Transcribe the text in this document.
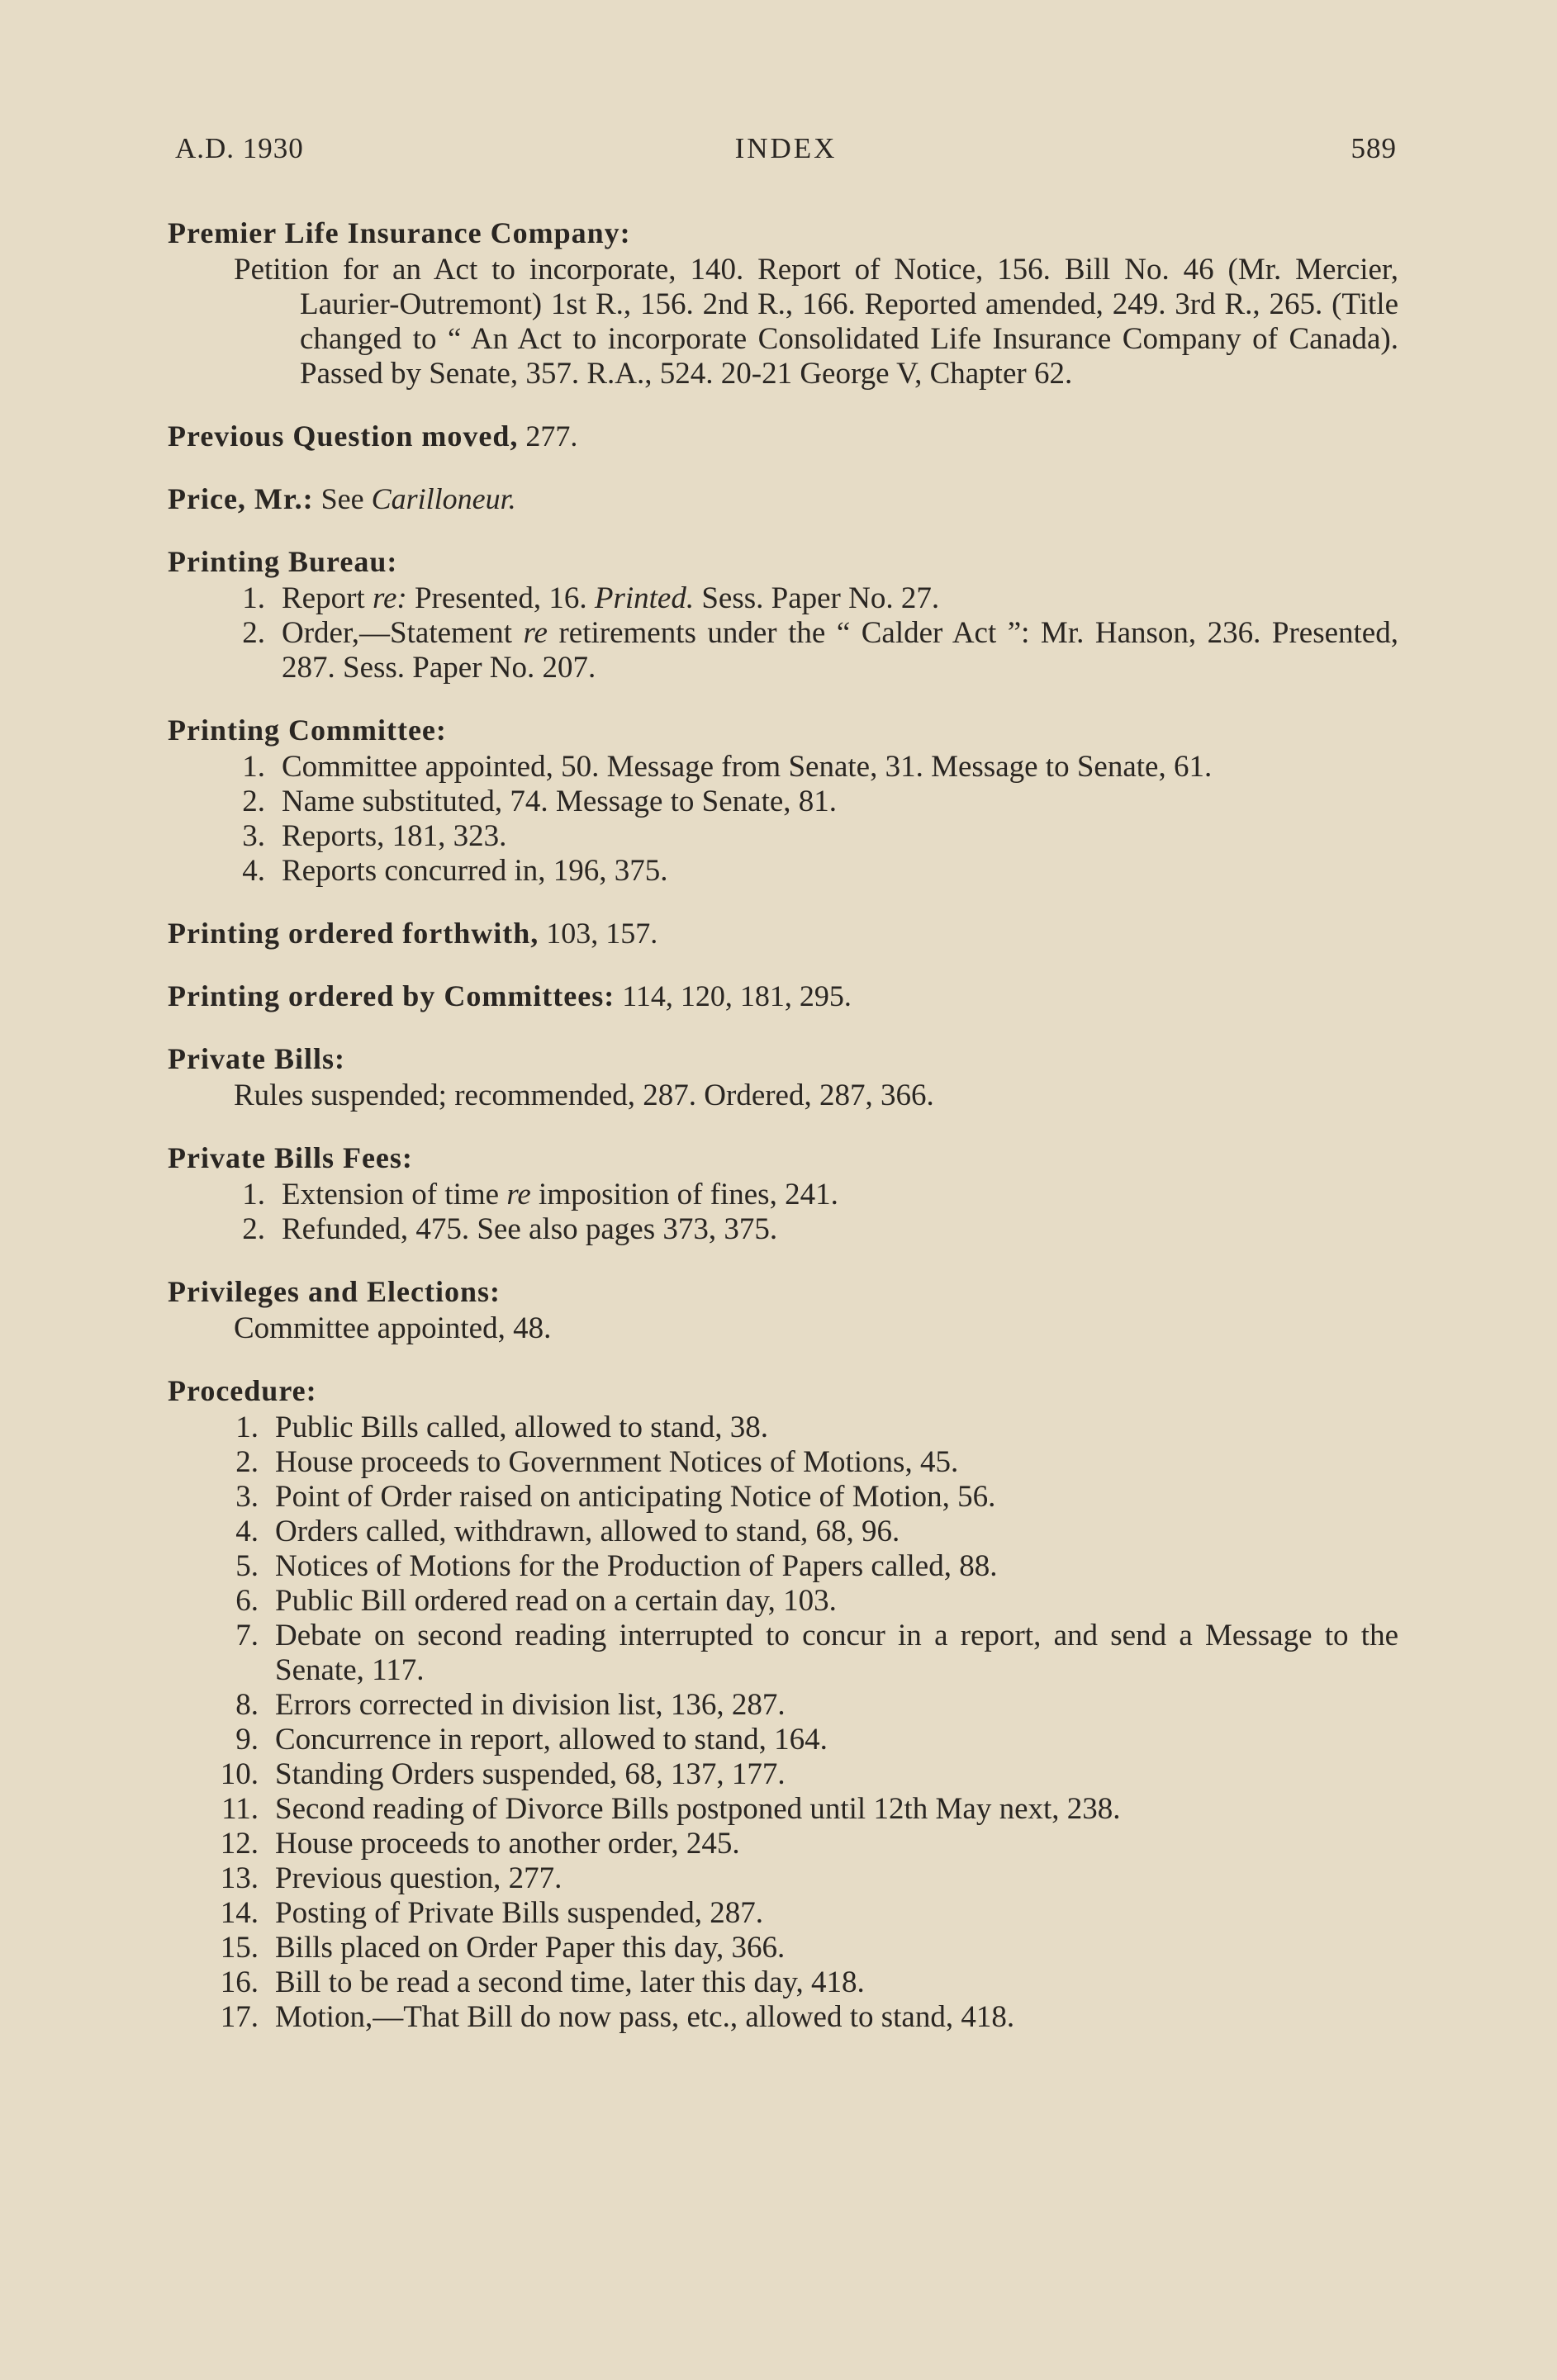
A.D. 1930	INDEX	589
Premier Life Insurance Company:
Petition for an Act to incorporate, 140. Report of Notice, 156. Bill No. 46 (Mr. Mercier, Laurier-Outremont) 1st R., 156. 2nd R., 166. Reported amended, 249. 3rd R., 265. (Title changed to “ An Act to incorporate Consolidated Life Insurance Company of Canada). Passed by Senate, 357. R.A., 524. 20-21 George V, Chapter 62.
Previous Question moved, 277.
Price, Mr.: See Carilloneur.
Printing Bureau:
1. Report re: Presented, 16. Printed. Sess. Paper No. 27.
2. Order,—Statement re retirements under the “ Calder Act ”: Mr. Hanson, 236. Presented, 287. Sess. Paper No. 207.
Printing Committee:
1. Committee appointed, 50. Message from Senate, 31. Message to Senate, 61.
2. Name substituted, 74. Message to Senate, 81.
3. Reports, 181, 323.
4. Reports concurred in, 196, 375.
Printing ordered forthwith, 103, 157.
Printing ordered by Committees: 114, 120, 181, 295.
Private Bills:
Rules suspended; recommended, 287. Ordered, 287, 366.
Private Bills Fees:
1. Extension of time re imposition of fines, 241.
2. Refunded, 475. See also pages 373, 375.
Privileges and Elections:
Committee appointed, 48.
Procedure:
1. Public Bills called, allowed to stand, 38.
2. House proceeds to Government Notices of Motions, 45.
3. Point of Order raised on anticipating Notice of Motion, 56.
4. Orders called, withdrawn, allowed to stand, 68, 96.
5. Notices of Motions for the Production of Papers called, 88.
6. Public Bill ordered read on a certain day, 103.
7. Debate on second reading interrupted to concur in a report, and send a Message to the Senate, 117.
8. Errors corrected in division list, 136, 287.
9. Concurrence in report, allowed to stand, 164.
10. Standing Orders suspended, 68, 137, 177.
11. Second reading of Divorce Bills postponed until 12th May next, 238.
12. House proceeds to another order, 245.
13. Previous question, 277.
14. Posting of Private Bills suspended, 287.
15. Bills placed on Order Paper this day, 366.
16. Bill to be read a second time, later this day, 418.
17. Motion,—That Bill do now pass, etc., allowed to stand, 418.
